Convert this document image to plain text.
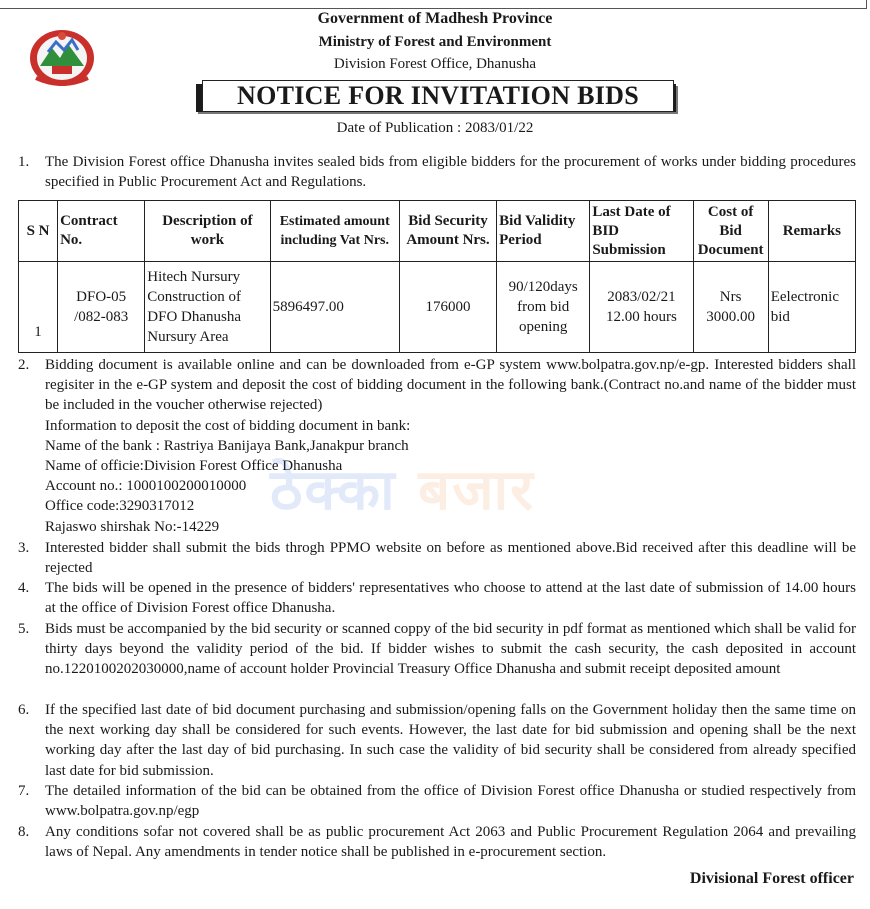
Government of Madhesh Province
Ministry of Forest and Environment
Division Forest Office, Dhanusha
NOTICE FOR INVITATION BIDS
Date of Publication : 2083/01/22
1.	The Division Forest office Dhanusha invites sealed bids from eligible bidders for the procurement of works under bidding procedures specified in Public Procurement Act and Regulations.
S N	Contract No.	Description of work	Estimated amount including Vat Nrs.	Bid Security Amount Nrs.	Bid Validity Period	Last Date of BID Submission	Cost of Bid Document	Remarks
1	DFO-05 /082-083	Hitech Nursury Construction of DFO Dhanusha Nursury Area	5896497.00	176000	90/120days from bid opening	2083/02/21 12.00 hours	Nrs 3000.00	Eelectronic bid
2.	Bidding document is available online and can be downloaded from e-GP system www.bolpatra.gov.np/e-gp. Interested bidders shall regisiter in the e-GP system and deposit the cost of bidding document in the following bank.(Contract no.and name of the bidder must be included in the voucher otherwise rejected)
Information to deposit the cost of bidding document in bank:
Name of the bank : Rastriya Banijaya Bank,Janakpur branch
Name of officie:Division Forest Office Dhanusha
Account no.: 1000100200010000
Office code:3290317012
Rajaswo shirshak No:-14229
ठेक्का बजार
3.	Interested bidder shall submit the bids throgh PPMO website on before as mentioned above.Bid received after this deadline will be rejected
4.	The bids will be opened in the presence of bidders' representatives who choose to attend at the last date of submission of 14.00 hours at the office of Division Forest office Dhanusha.
5.	Bids must be accompanied by the bid security or scanned coppy of the bid security in pdf format as mentioned which shall be valid for thirty days beyond the validity period of the bid. If bidder wishes to submit the cash security, the cash deposited in account no.1220100202030000,name of account holder Provincial Treasury Office Dhanusha and submit receipt deposited amount
6.	If the specified last date of bid document purchasing and submission/opening falls on the Government holiday then the same time on the next working day shall be considered for such events. However, the last date for bid submission and opening shall be the next working day after the last day of bid purchasing. In such case the validity of bid security shall be considered from already specified last date for bid submission.
7.	The detailed information of the bid can be obtained from the office of Division Forest office Dhanusha or studied respectively from www.bolpatra.gov.np/egp
8.	Any conditions sofar not covered shall be as public procurement Act 2063 and Public Procurement Regulation 2064 and prevailing laws of Nepal. Any amendments in tender notice shall be published in e-procurement section.
Divisional Forest officer
